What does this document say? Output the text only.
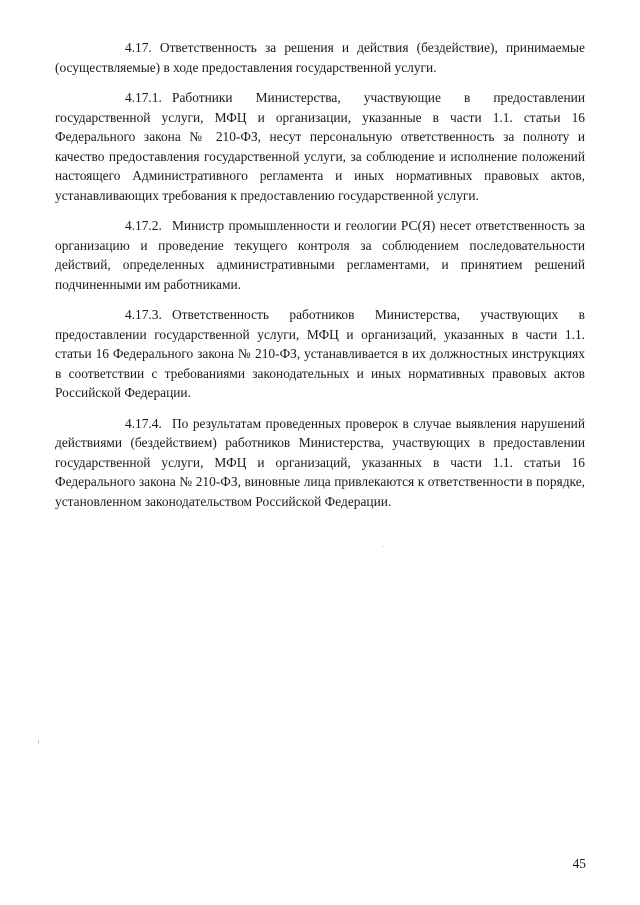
4.17. Ответственность за решения и действия (бездействие), принимаемые (осуществляемые) в ходе предоставления государственной услуги.

4.17.1. Работники Министерства, участвующие в предоставлении государственной услуги, МФЦ и организации, указанные в части 1.1. статьи 16 Федерального закона № 210-ФЗ, несут персональную ответственность за полноту и качество предоставления государственной услуги, за соблюдение и исполнение положений настоящего Административного регламента и иных нормативных правовых актов, устанавливающих требования к предоставлению государственной услуги.

4.17.2. Министр промышленности и геологии РС(Я) несет ответственность за организацию и проведение текущего контроля за соблюдением последовательности действий, определенных административными регламентами, и принятием решений подчиненными им работниками.

4.17.3. Ответственность работников Министерства, участвующих в предоставлении государственной услуги, МФЦ и организаций, указанных в части 1.1. статьи 16 Федерального закона № 210-ФЗ, устанавливается в их должностных инструкциях в соответствии с требованиями законодательных и иных нормативных правовых актов Российской Федерации.

4.17.4. По результатам проведенных проверок в случае выявления нарушений действиями (бездействием) работников Министерства, участвующих в предоставлении государственной услуги, МФЦ и организаций, указанных в части 1.1. статьи 16 Федерального закона № 210-ФЗ, виновные лица привлекаются к ответственности в порядке, установленном законодательством Российской Федерации.

45
